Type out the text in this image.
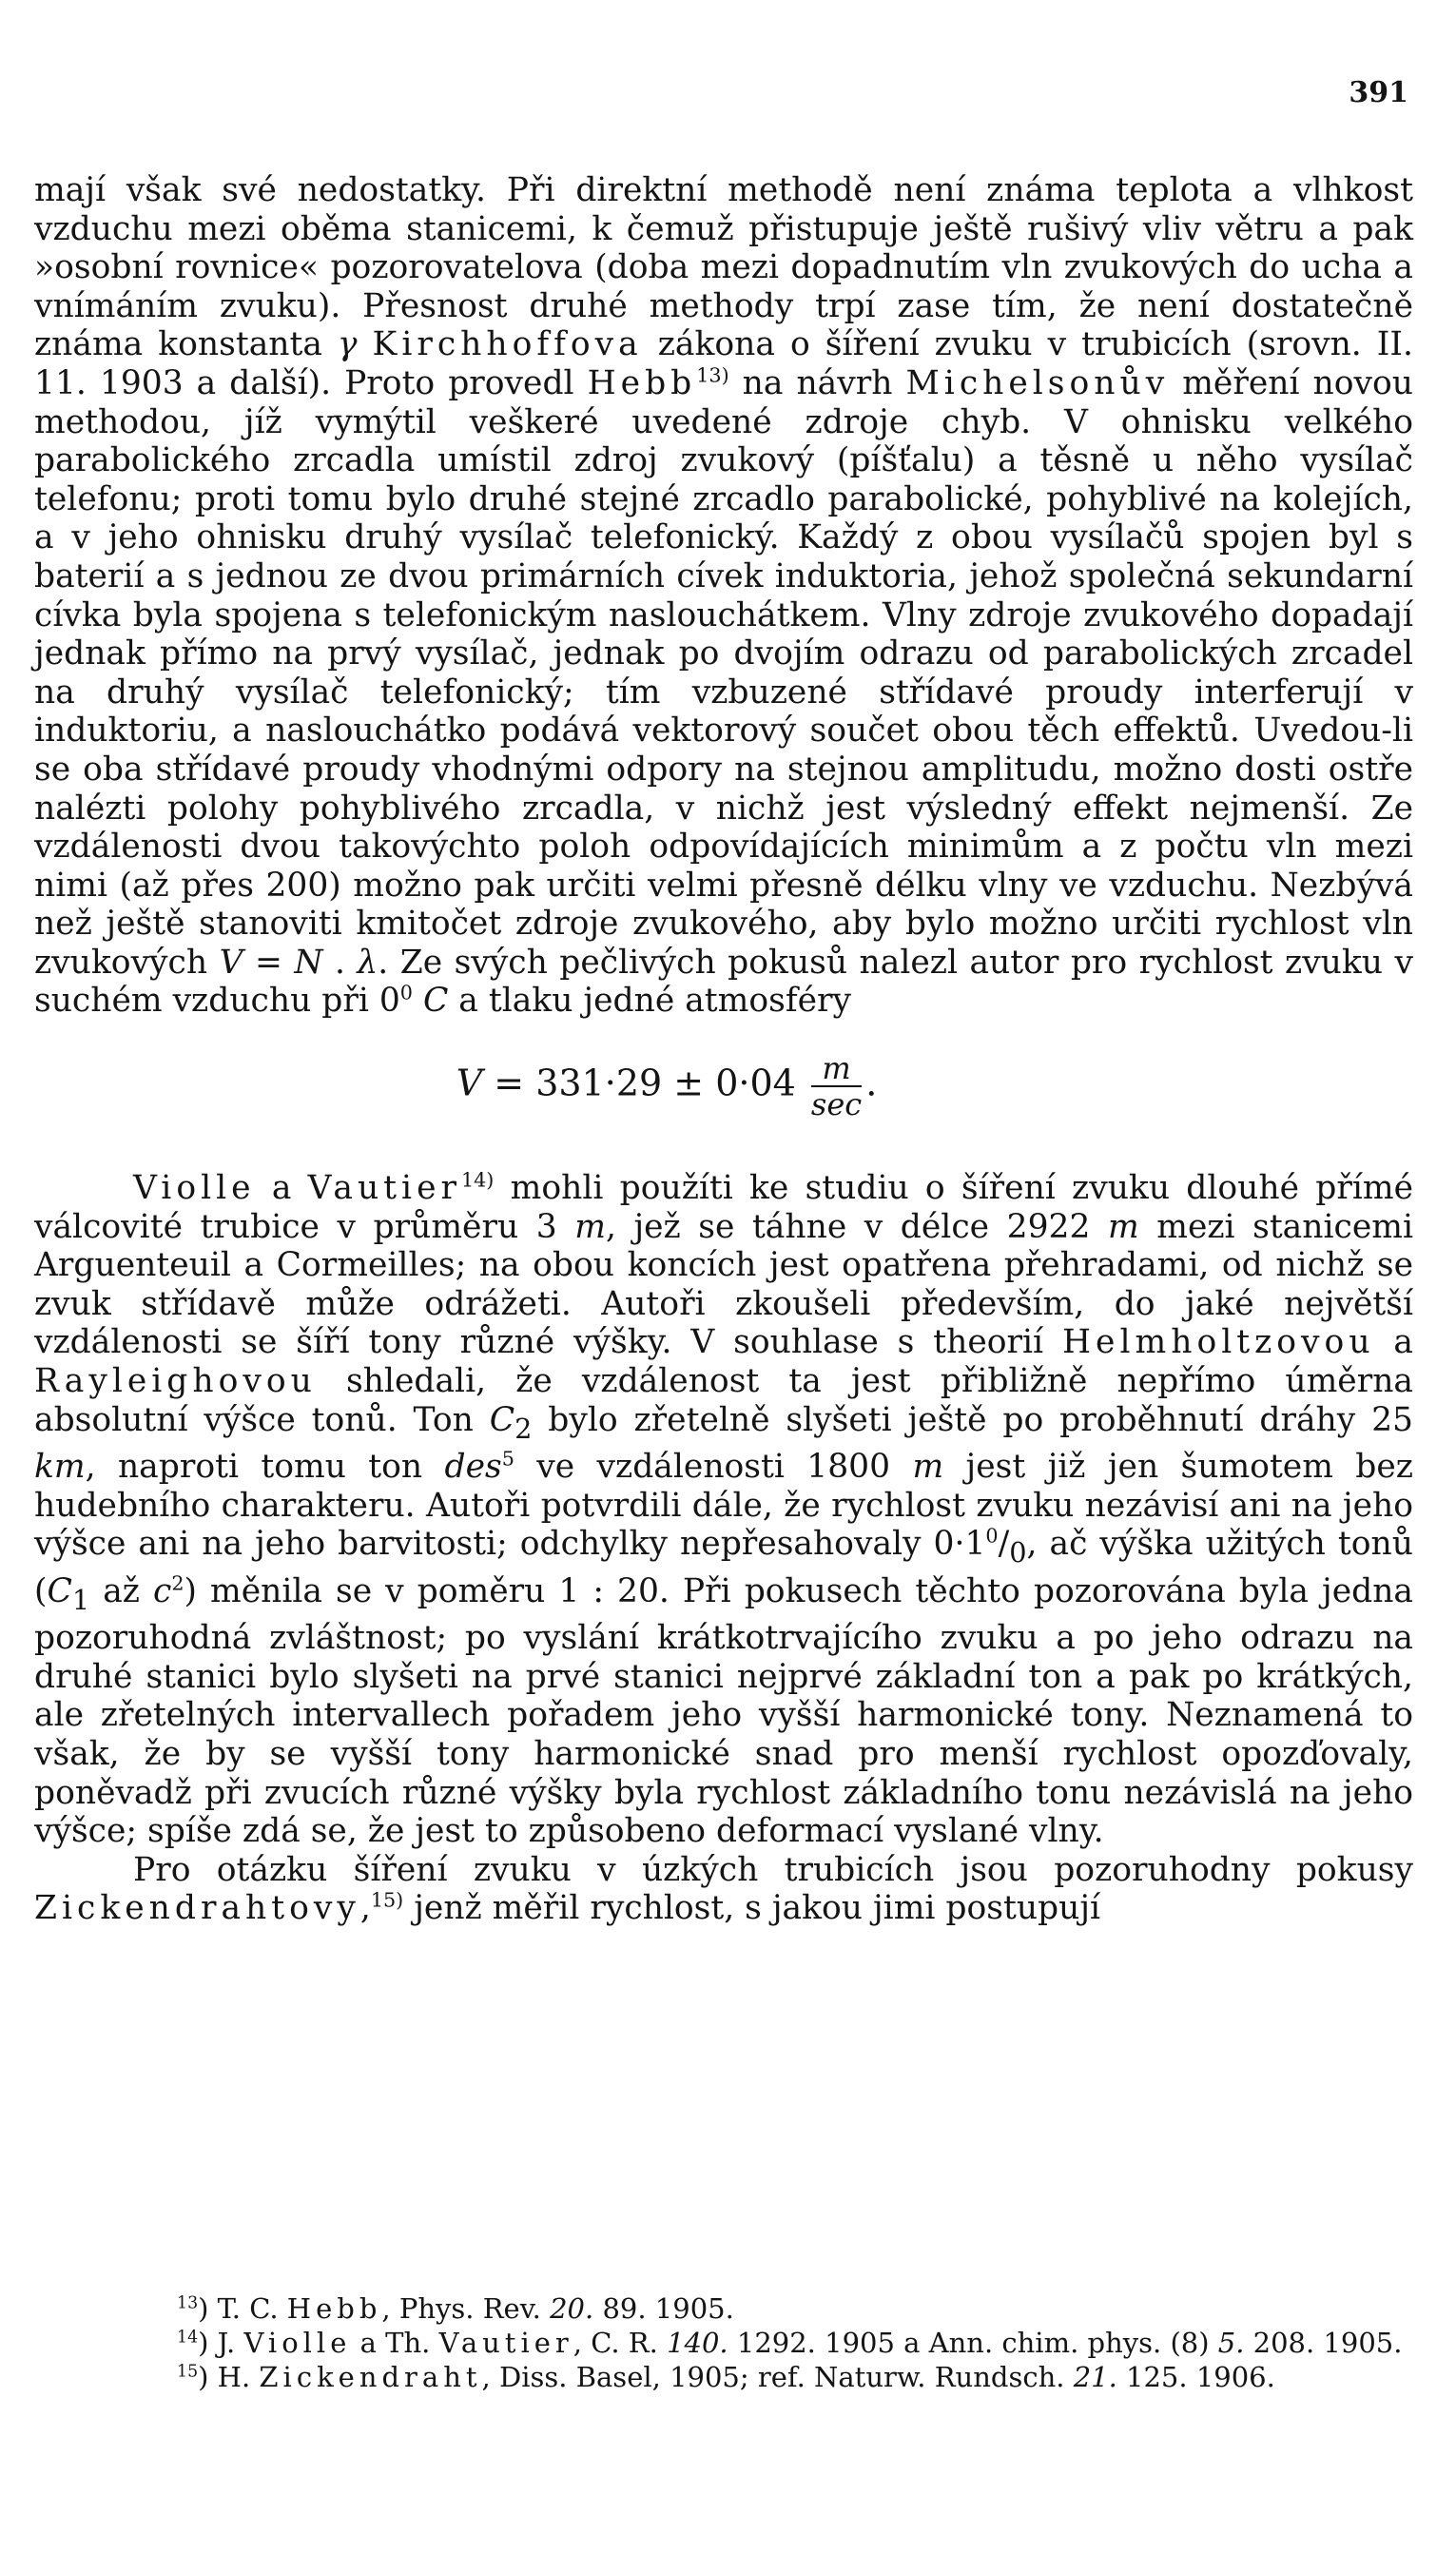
391

mají však své nedostatky. Při direktní methodě není známa teplota a vlhkost vzduchu mezi oběma stanicemi, k čemuž přistupuje ještě rušivý vliv větru a pak »osobní rovnice« pozorovatelova (doba mezi dopadnutím vln zvukových do ucha a vnímáním zvuku). Přesnost druhé methody trpí zase tím, že není dostatečně známa konstanta γ Kirchhoffova zákona o šíření zvuku v trubicích (srovn. II. 11. 1903 a další). Proto provedl Hebb$^{13)}$ na návrh Michelsonův měření novou methodou, jíž vymýtil veškeré uvedené zdroje chyb. V ohnisku velkého parabolického zrcadla umístil zdroj zvukový (píšťalu) a těsně u něho vysílač telefonu; proti tomu bylo druhé stejné zrcadlo parabolické, pohyblivé na kolejích, a v jeho ohnisku druhý vysílač telefonický. Každý z obou vysílačů spojen byl s baterií a s jednou ze dvou primárních cívek induktoria, jehož společná sekundarní cívka byla spojena s telefonickým naslouchátkem. Vlny zdroje zvukového dopadají jednak přímo na prvý vysílač, jednak po dvojím odrazu od parabolických zrcadel na druhý vysílač telefonický; tím vzbuzené střídavé proudy interferují v induktoriu, a naslouchátko podává vektorový součet obou těch effektů. Uvedou-li se oba střídavé proudy vhodnými odpory na stejnou amplitudu, možno dosti ostře nalézti polohy pohyblivého zrcadla, v nichž jest výsledný effekt nejmenší. Ze vzdálenosti dvou takovýchto poloh odpovídajících minimům a z počtu vln mezi nimi (až přes 200) možno pak určiti velmi přesně délku vlny ve vzduchu. Nezbývá než ještě stanoviti kmitočet zdroje zvukového, aby bylo možno určiti rychlost vln zvukových V = N . λ. Ze svých pečlivých pokusů nalezl autor pro rychlost zvuku v suchém vzduchu při $0^0$ C a tlaku jedné atmosféry

$V = 331\cdot 29 \pm 0\cdot 04 \frac{m}{\sec}$ .

Violle a Vautier$^{14)}$ mohli použíti ke studiu o šíření zvuku dlouhé přímé válcovité trubice v průměru 3 m, jež se táhne v délce 2922 m mezi stanicemi Arguenteuil a Cormeilles; na obou koncích jest opatřena přehradami, od nichž se zvuk střídavě může odrážeti. Autoři zkoušeli především, do jaké největší vzdálenosti se šíří tony různé výšky. V souhlase s theorií Helmholtzovou a Rayleighovou shledali, že vzdálenost ta jest přibližně nepřímo úměrna absolutní výšce tonů. Ton $C_2$ bylo zřetelně slyšeti ještě po proběhnutí dráhy 25 km, naproti tomu ton des$^5$ ve vzdálenosti 1800 m jest již jen šumotem bez hudebního charakteru. Autoři potvrdili dále, že rychlost zvuku nezávisí ani na jeho výšce ani na jeho barvitosti; odchylky nepřesahovaly $0\cdot 1^0/_0$, ač výška užitých tonů ($C_1$ až $c^2$) měnila se v poměru 1 : 20. Při pokusech těchto pozorována byla jedna pozoruhodná zvláštnost; po vyslání krátkotrvajícího zvuku a po jeho odrazu na druhé stanici bylo slyšeti na prvé stanici nejprvé základní ton a pak po krátkých, ale zřetelných intervallech pořadem jeho vyšší harmonické tony. Neznamená to však, že by se vyšší tony harmonické snad pro menší rychlost opozďovaly, poněvadž při zvucích různé výšky byla rychlost základního tonu nezávislá na jeho výšce; spíše zdá se, že jest to způsobeno deformací vyslané vlny.

Pro otázku šíření zvuku v úzkých trubicích jsou pozoruhodny pokusy Zickendrahtovy,$^{15)}$ jenž měřil rychlost, s jakou jimi postupují

$^{13}$) T. C. Hebb, Phys. Rev. 20. 89. 1905.

$^{14}$) J. Violle a Th. Vautier, C. R. 140. 1292. 1905 a Ann. chim. phys. (8) 5. 208. 1905.

$^{15}$) H. Zickendraht, Diss. Basel, 1905; ref. Naturw. Rundsch. 21. 125. 1906.
